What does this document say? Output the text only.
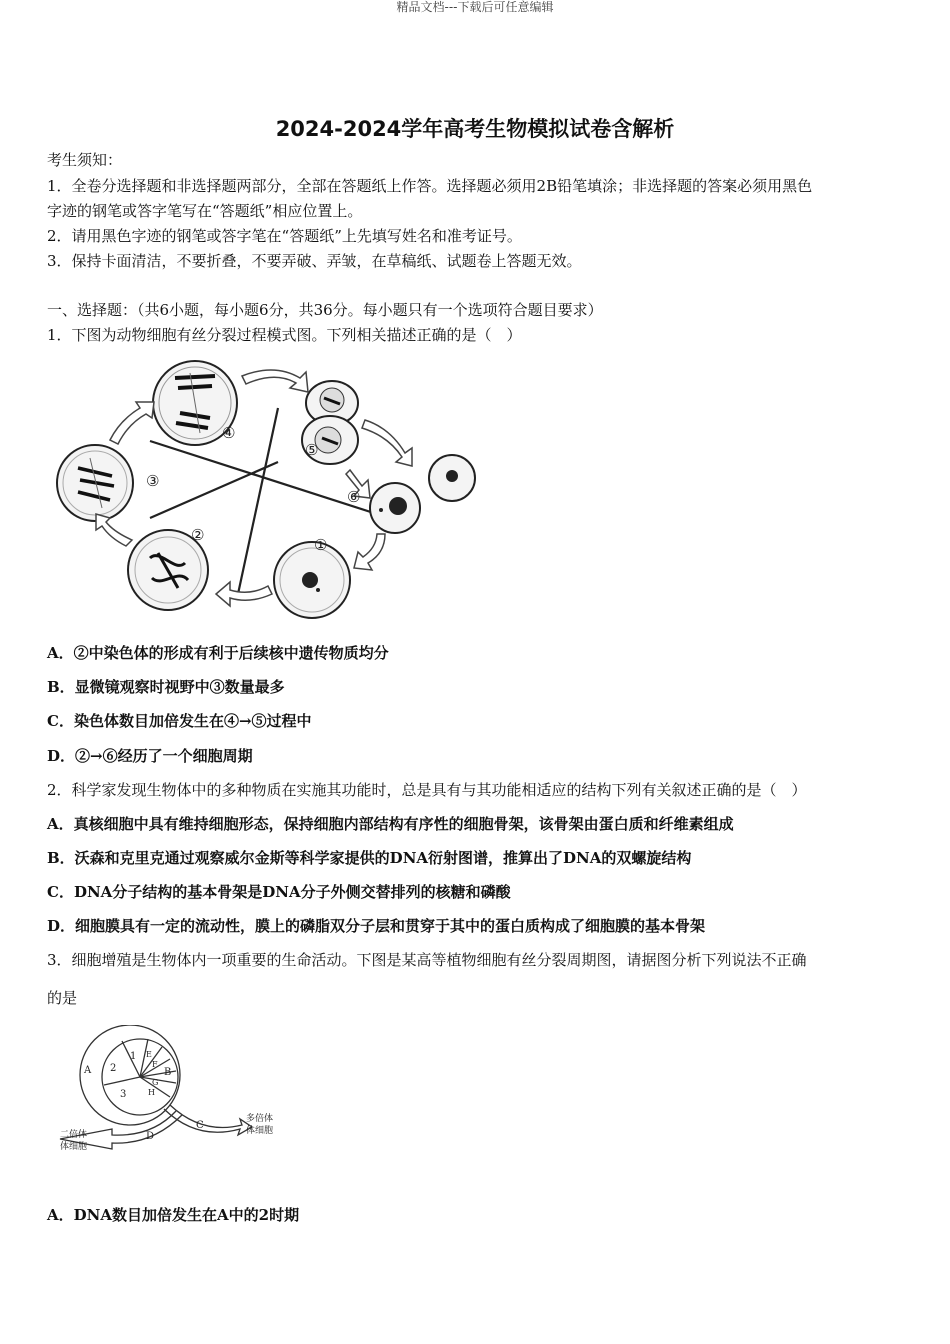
精品文档---下载后可任意编辑
2024-2024学年高考生物模拟试卷含解析
考生须知：
1．全卷分选择题和非选择题两部分，全部在答题纸上作答。选择题必须用2B铅笔填涂；非选择题的答案必须用黑色
字迹的钢笔或答字笔写在“答题纸”相应位置上。
2．请用黑色字迹的钢笔或答字笔在“答题纸”上先填写姓名和准考证号。
3．保持卡面清洁，不要折叠，不要弄破、弄皱，在草稿纸、试题卷上答题无效。
一、选择题：（共6小题，每小题6分，共36分。每小题只有一个选项符合题目要求）
1．下图为动物细胞有丝分裂过程模式图。下列相关描述正确的是（　）
④
⑤
⑥
③
②
①
A．②中染色体的形成有利于后续核中遗传物质均分
B．显微镜观察时视野中③数量最多
C．染色体数目加倍发生在④→⑤过程中
D．②→⑥经历了一个细胞周期
2．科学家发现生物体中的多种物质在实施其功能时，总是具有与其功能相适应的结构下列有关叙述正确的是（　）
A．真核细胞中具有维持细胞形态，保持细胞内部结构有序性的细胞骨架，该骨架由蛋白质和纤维素组成
B．沃森和克里克通过观察威尔金斯等科学家提供的DNA衍射图谱，推算出了DNA的双螺旋结构
C．DNA分子结构的基本骨架是DNA分子外侧交替排列的核糖和磷酸
D．细胞膜具有一定的流动性，膜上的磷脂双分子层和贯穿于其中的蛋白质构成了细胞膜的基本骨架
3．细胞增殖是生物体内一项重要的生命活动。下图是某高等植物细胞有丝分裂周期图，请据图分析下列说法不正确
的是
A	B
C
D
1
2
3
E
F
G
H
二倍体
体细胞
多倍体
体细胞
A．DNA数目加倍发生在A中的2时期
